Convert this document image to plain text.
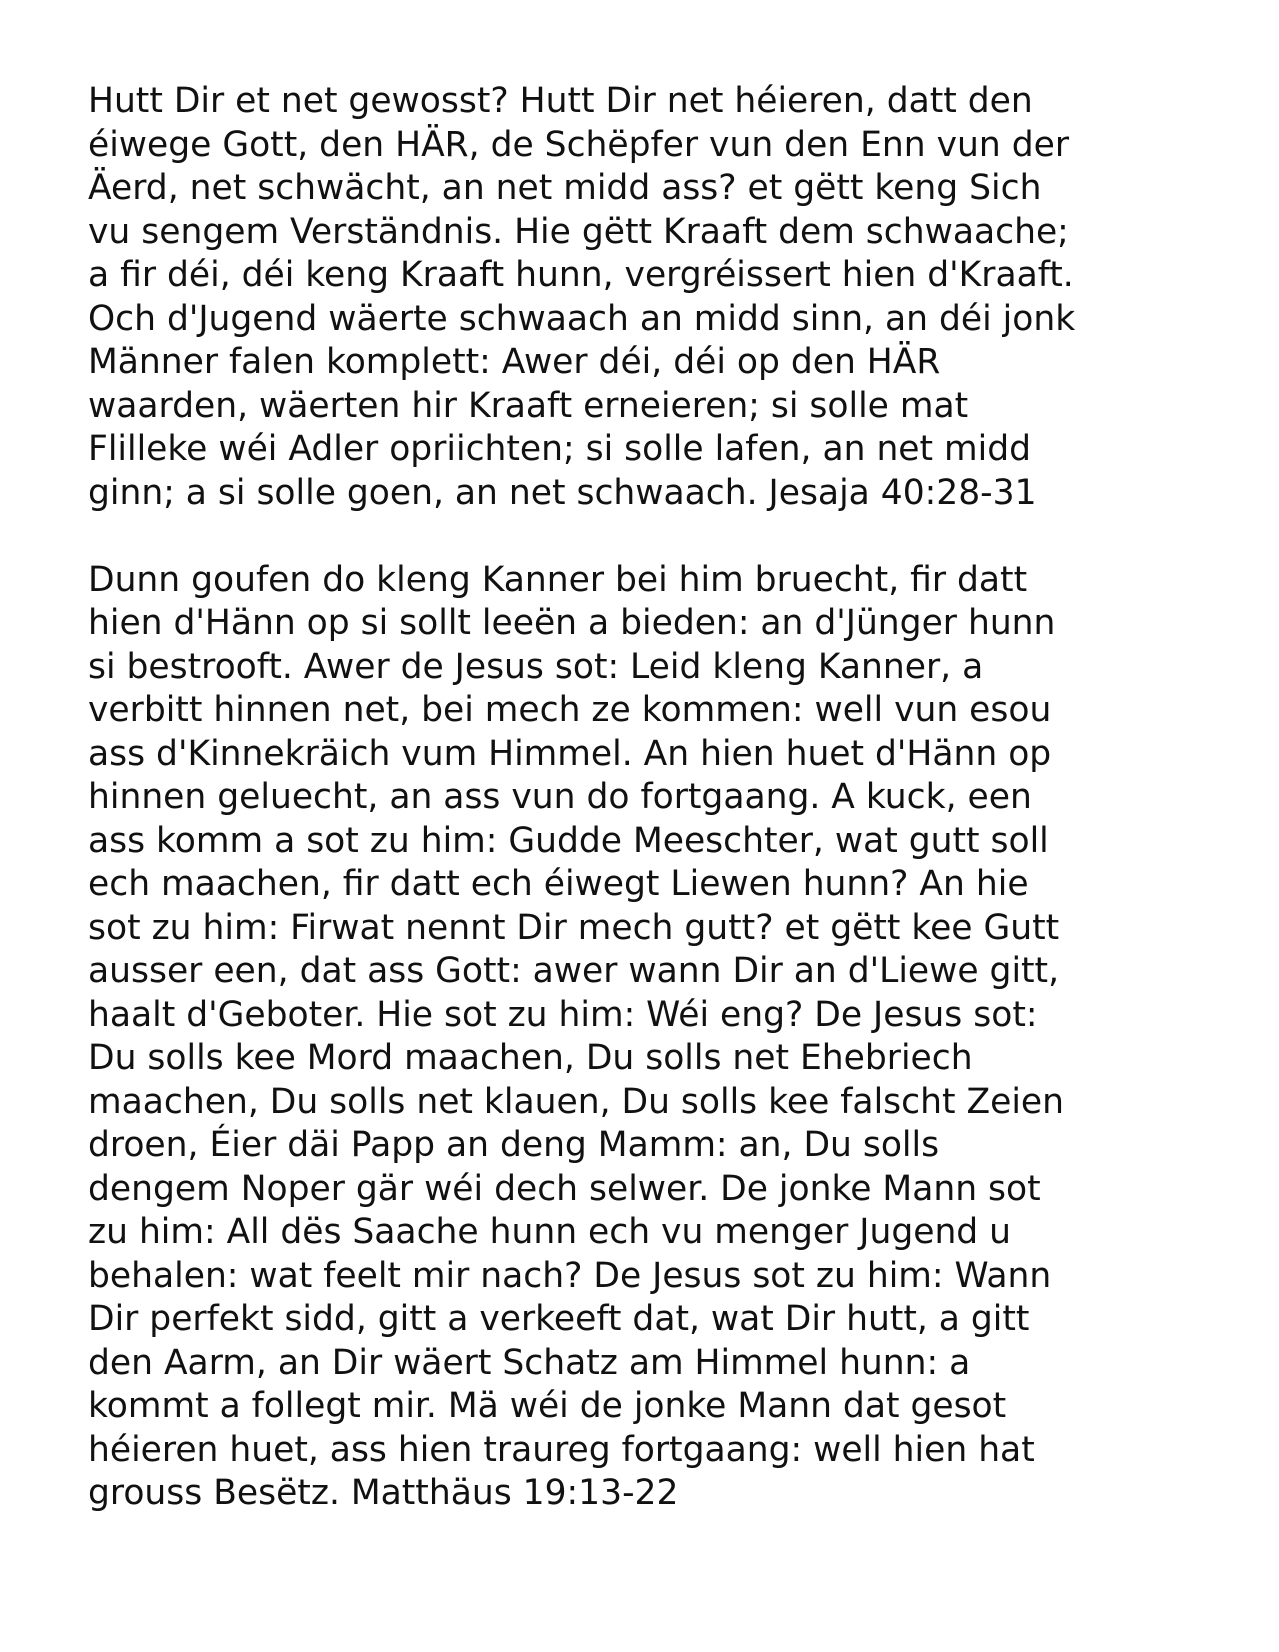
Hutt Dir et net gewosst? Hutt Dir net héieren, datt den
éiwege Gott, den HÄR, de Schëpfer vun den Enn vun der
Äerd, net schwächt, an net midd ass? et gëtt keng Sich
vu sengem Verständnis. Hie gëtt Kraaft dem schwaache;
a fir déi, déi keng Kraaft hunn, vergréissert hien d'Kraaft.
Och d'Jugend wäerte schwaach an midd sinn, an déi jonk
Männer falen komplett: Awer déi, déi op den HÄR
waarden, wäerten hir Kraaft erneieren; si solle mat
Flilleke wéi Adler opriichten; si solle lafen, an net midd
ginn; a si solle goen, an net schwaach. Jesaja 40:28-31
Dunn goufen do kleng Kanner bei him bruecht, fir datt
hien d'Hänn op si sollt leeën a bieden: an d'Jünger hunn
si bestrooft. Awer de Jesus sot: Leid kleng Kanner, a
verbitt hinnen net, bei mech ze kommen: well vun esou
ass d'Kinnekräich vum Himmel. An hien huet d'Hänn op
hinnen geluecht, an ass vun do fortgaang. A kuck, een
ass komm a sot zu him: Gudde Meeschter, wat gutt soll
ech maachen, fir datt ech éiwegt Liewen hunn? An hie
sot zu him: Firwat nennt Dir mech gutt? et gëtt kee Gutt
ausser een, dat ass Gott: awer wann Dir an d'Liewe gitt,
haalt d'Geboter. Hie sot zu him: Wéi eng? De Jesus sot:
Du solls kee Mord maachen, Du solls net Ehebriech
maachen, Du solls net klauen, Du solls kee falscht Zeien
droen, Éier däi Papp an deng Mamm: an, Du solls
dengem Noper gär wéi dech selwer. De jonke Mann sot
zu him: All dës Saache hunn ech vu menger Jugend u
behalen: wat feelt mir nach? De Jesus sot zu him: Wann
Dir perfekt sidd, gitt a verkeeft dat, wat Dir hutt, a gitt
den Aarm, an Dir wäert Schatz am Himmel hunn: a
kommt a follegt mir. Mä wéi de jonke Mann dat gesot
héieren huet, ass hien traureg fortgaang: well hien hat
grouss Besëtz. Matthäus 19:13-22
